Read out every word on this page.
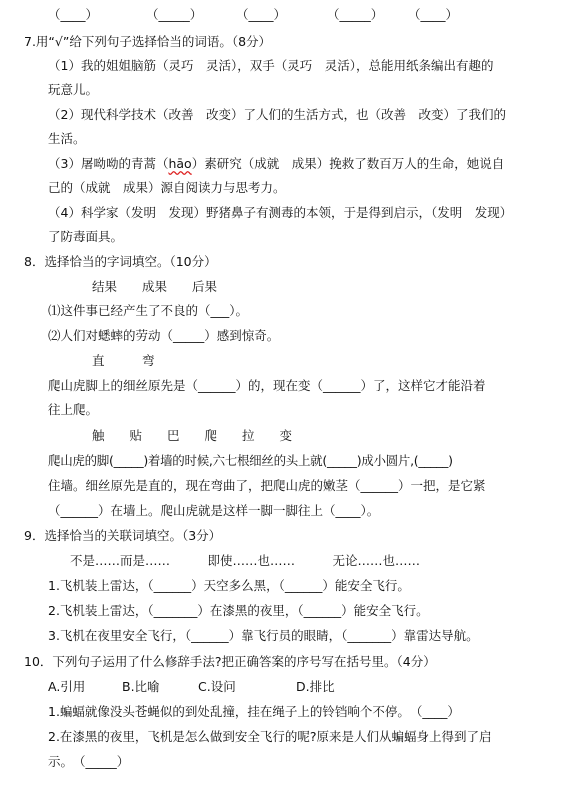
（____）	（_____）	（____）	（_____） （____）
7.用“√”给下列句子选择恰当的词语。（8分）
（1）我的姐姐脑筋（灵巧　灵活），双手（灵巧　灵活），总能用纸条编出有趣的
玩意儿。
（2）现代科学技术（改善　改变）了人们的生活方式，也（改善　改变）了我们的
生活。
（3）屠呦呦的青蒿（hāo）素研究（成就　成果）挽救了数百万人的生命，她说自
己的（成就　成果）源自阅读力与思考力。
（4）科学家（发明　发现）野猪鼻子有测毒的本领，于是得到启示，（发明　发现）
了防毒面具。
8．选择恰当的字词填空。（10分）
结果　　成果　　后果
⑴这件事已经产生了不良的（___）。
⑵人们对蟋蟀的劳动（_____）感到惊奇。
直　　　弯
爬山虎脚上的细丝原先是（______）的，现在变（______）了，这样它才能沿着
往上爬。
触　　贴　　巴　　爬　　拉　　变
爬山虎的脚(_____)着墙的时候,六七根细丝的头上就(_____)成小圆片,(_____)
住墙。细丝原先是直的，现在弯曲了，把爬山虎的嫩茎（______）一把，是它紧
（______）在墙上。爬山虎就是这样一脚一脚往上（____）。
9．选择恰当的关联词填空。（3分）
不是……而是……　　　即使……也……　　　无论……也……
1.飞机装上雷达，（______）天空多么黑，（______）能安全飞行。
2.飞机装上雷达，（_______）在漆黑的夜里，（______）能安全飞行。
3.飞机在夜里安全飞行，（______）靠飞行员的眼睛，（_______）靠雷达导航。
10．下列句子运用了什么修辞手法?把正确答案的序号写在括号里。（4分）
A.引用	B.比喻	C.设问	D.排比
1.蝙蝠就像没头苍蝇似的到处乱撞，挂在绳子上的铃铛响个不停。　（____）
2.在漆黑的夜里，飞机是怎么做到安全飞行的呢?原来是人们从蝙蝠身上得到了启
示。　（_____）
